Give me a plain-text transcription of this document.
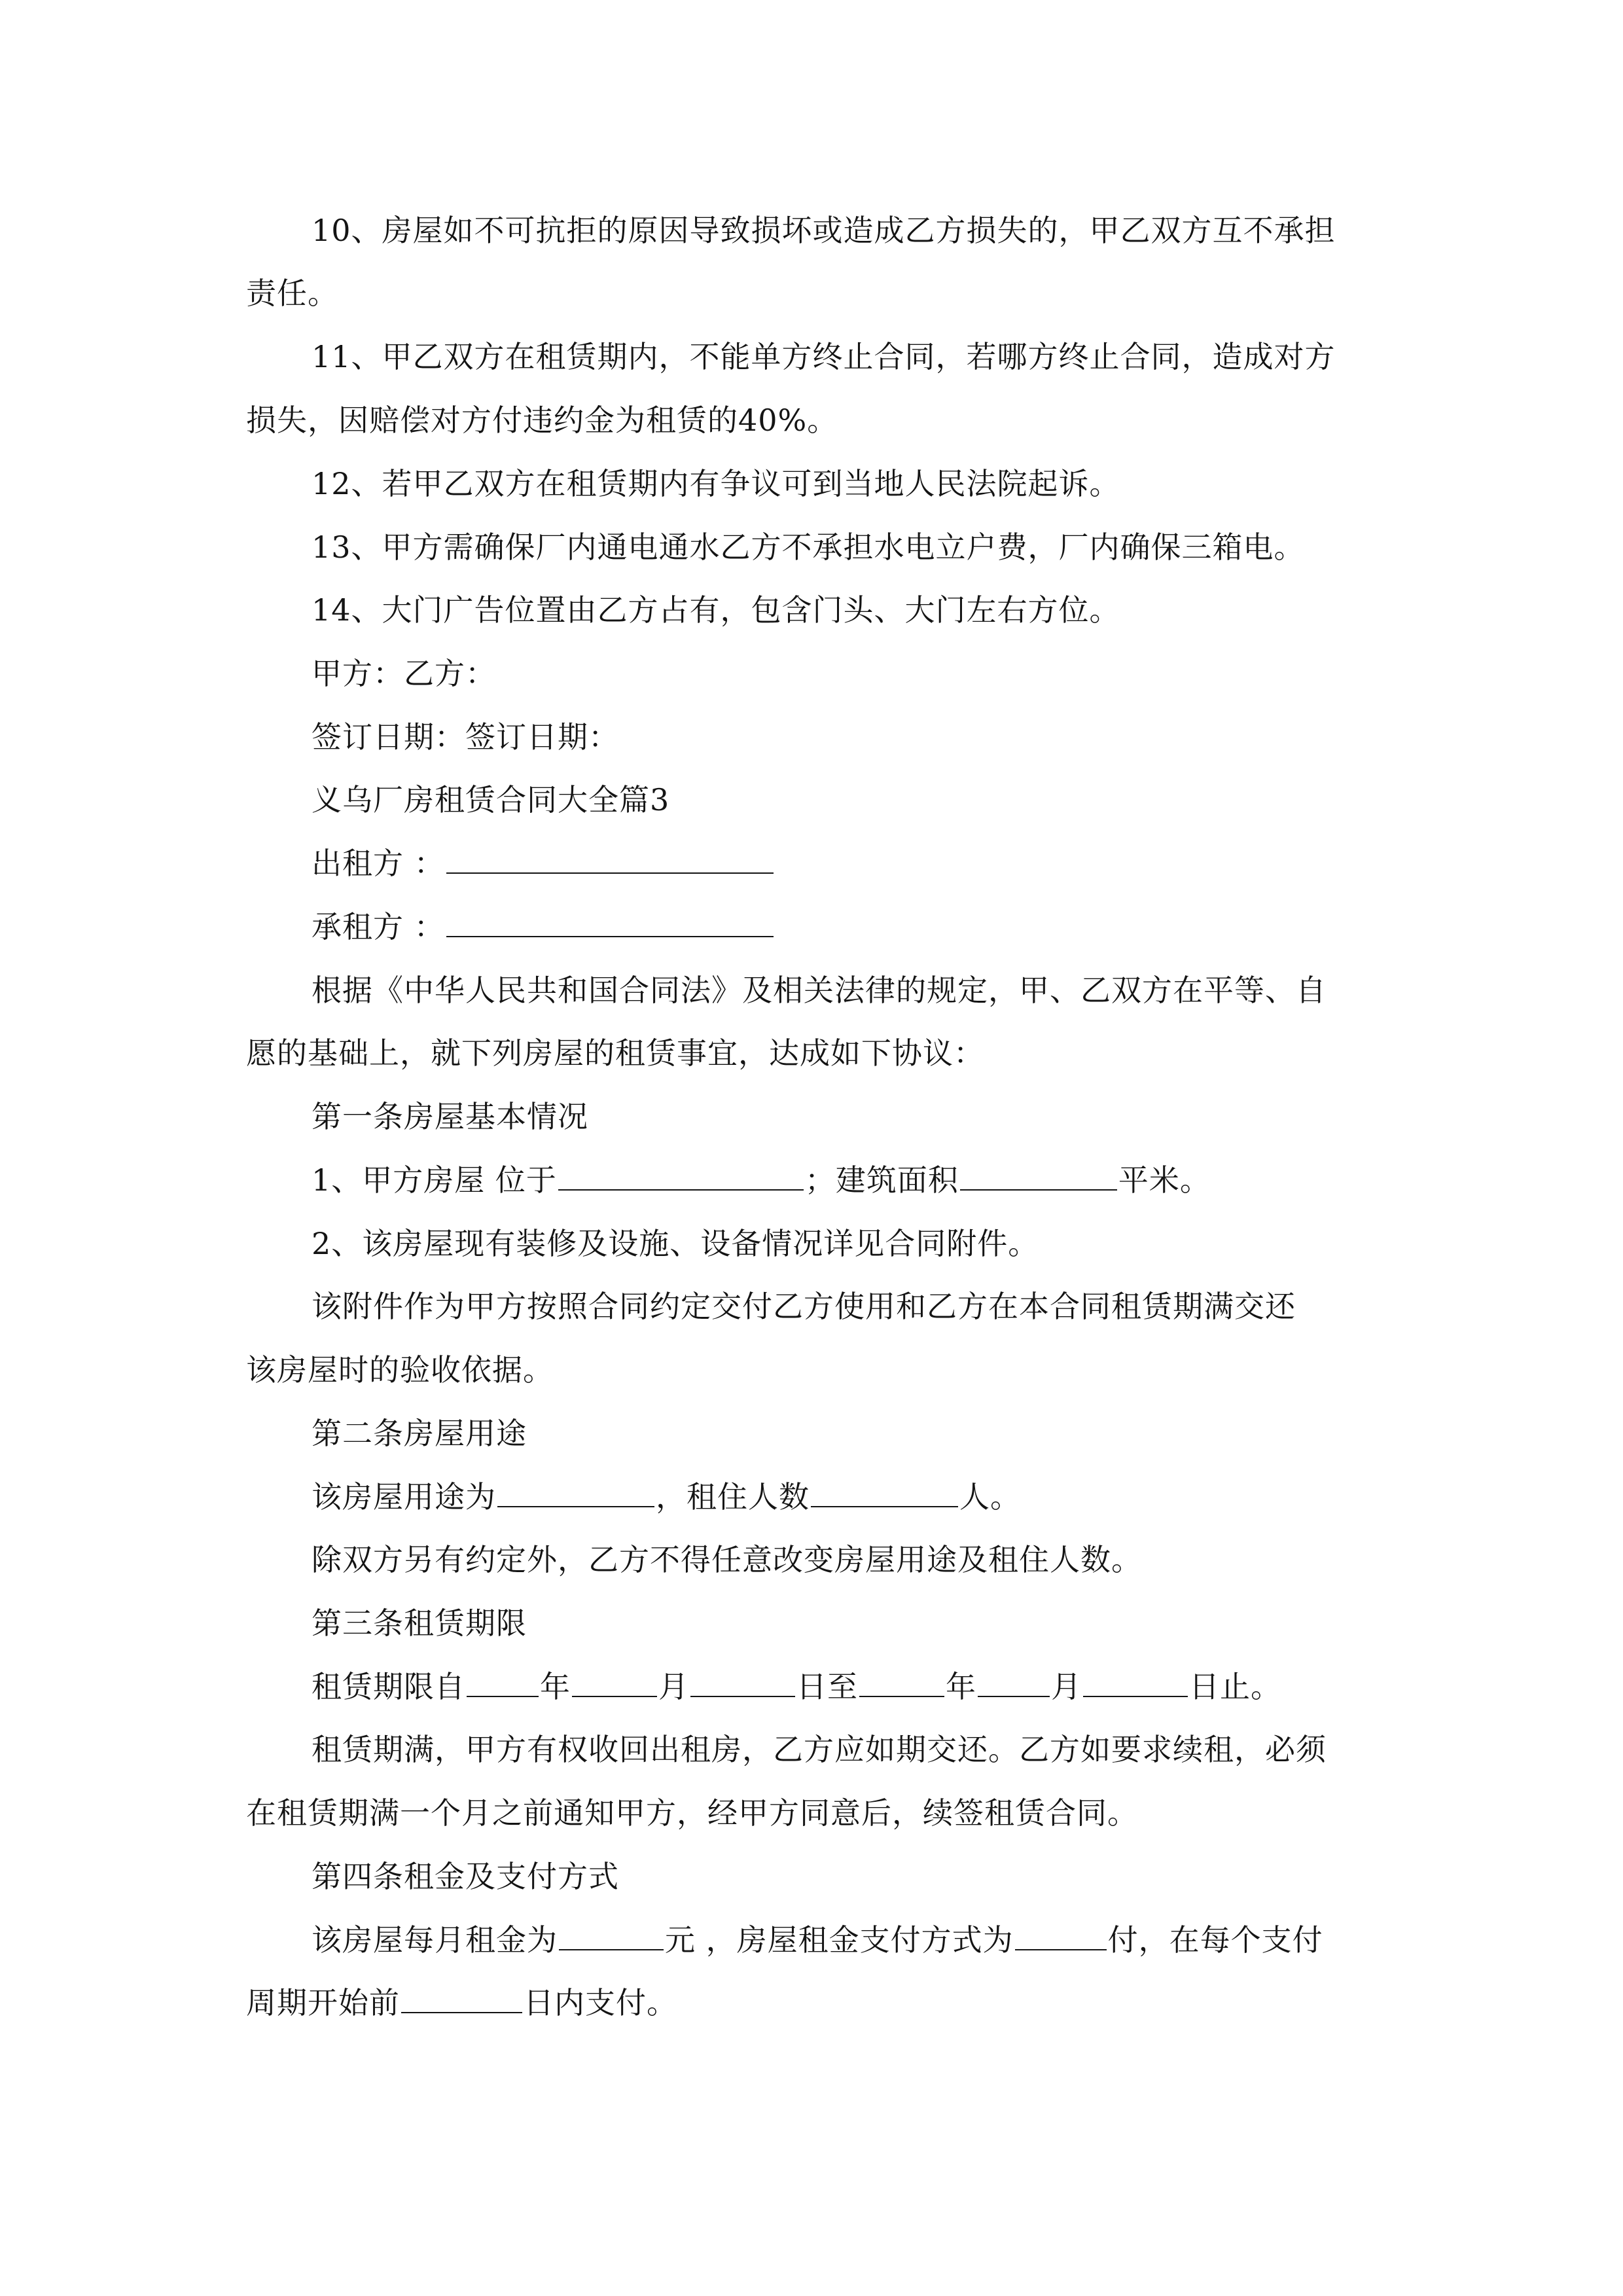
10、房屋如不可抗拒的原因导致损坏或造成乙方损失的，甲乙双方互不承担
责任。
11、甲乙双方在租赁期内，不能单方终止合同，若哪方终止合同，造成对方
损失，因赔偿对方付违约金为租赁的40%。
12、若甲乙双方在租赁期内有争议可到当地人民法院起诉。
13、甲方需确保厂内通电通水乙方不承担水电立户费，厂内确保三箱电。
14、大门广告位置由乙方占有，包含门头、大门左右方位。
甲方：乙方：
签订日期：签订日期：
义乌厂房租赁合同大全篇3
出租方 ：
承租方 ：
根据《中华人民共和国合同法》及相关法律的规定，甲、乙双方在平等、自
愿的基础上，就下列房屋的租赁事宜，达成如下协议：
第一条房屋基本情况
1、甲方房屋 位于	；建筑面积	平米。
2、该房屋现有装修及设施、设备情况详见合同附件。
该附件作为甲方按照合同约定交付乙方使用和乙方在本合同租赁期满交还
该房屋时的验收依据。
第二条房屋用途
该房屋用途为	，租住人数	人。
除双方另有约定外，乙方不得任意改变房屋用途及租住人数。
第三条租赁期限
租赁期限自 年	月	日至	年 月	日止。
租赁期满，甲方有权收回出租房，乙方应如期交还。乙方如要求续租，必须
在租赁期满一个月之前通知甲方，经甲方同意后，续签租赁合同。
第四条租金及支付方式
该房屋每月租金为	元 ，房屋租金支付方式为	付，在每个支付
周期开始前	日内支付。
